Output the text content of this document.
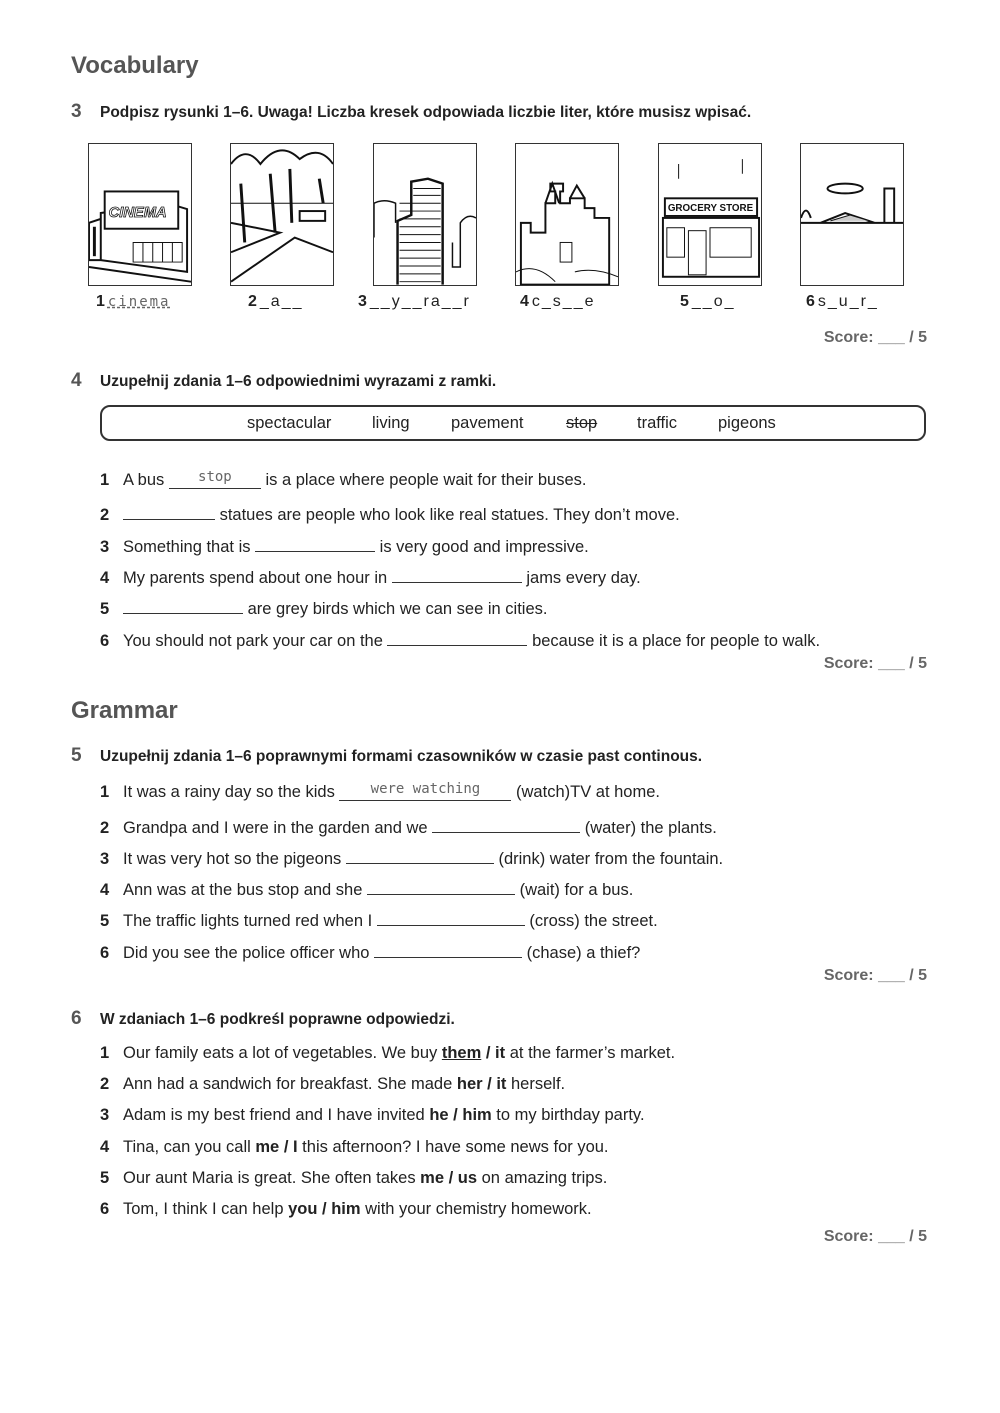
Vocabulary
3 Podpisz rysunki 1–6. Uwaga! Liczba kresek odpowiada liczbie liter, które musisz wpisać.
CINEMA	GROCERY STORE
1 cinema	2 _a__	3 __y__ra__r	4 c_s__e	5 __o_	6 s_u_r_
Score: ___ / 5
4 Uzupełnij zdania 1–6 odpowiednimi wyrazami z ramki.
spectacular living	pavement	stop traffic pigeons
1 A bus $^{stop}$ is a place where people wait for their buses.
2	statues are people who look like real statues. They don’t move.
3 Something that is	is very good and impressive.
4 My parents spend about one hour in	jams every day.
5	are grey birds which we can see in cities.
6 You should not park your car on the	because it is a place for people to walk.
Score: ___ / 5
Grammar
5 Uzupełnij zdania 1–6 poprawnymi formami czasowników w czasie past continous.
1 It was a rainy day so the kids $^{were watching}$ (watch)TV at home.
2 Grandpa and I were in the garden and we	(water) the plants.
3 It was very hot so the pigeons	(drink) water from the fountain.
4 Ann was at the bus stop and she	(wait) for a bus.
5 The traffic lights turned red when I	(cross) the street.
6 Did you see the police officer who	(chase) a thief?
Score: ___ / 5
6 W zdaniach 1–6 podkreśl poprawne odpowiedzi.
1 Our family eats a lot of vegetables. We buy them / it at the farmer’s market.
2 Ann had a sandwich for breakfast. She made her / it herself.
3 Adam is my best friend and I have invited he / him to my birthday party.
4 Tina, can you call me / I this afternoon? I have some news for you.
5 Our aunt Maria is great. She often takes me / us on amazing trips.
6 Tom, I think I can help you / him with your chemistry homework.
Score: ___ / 5
